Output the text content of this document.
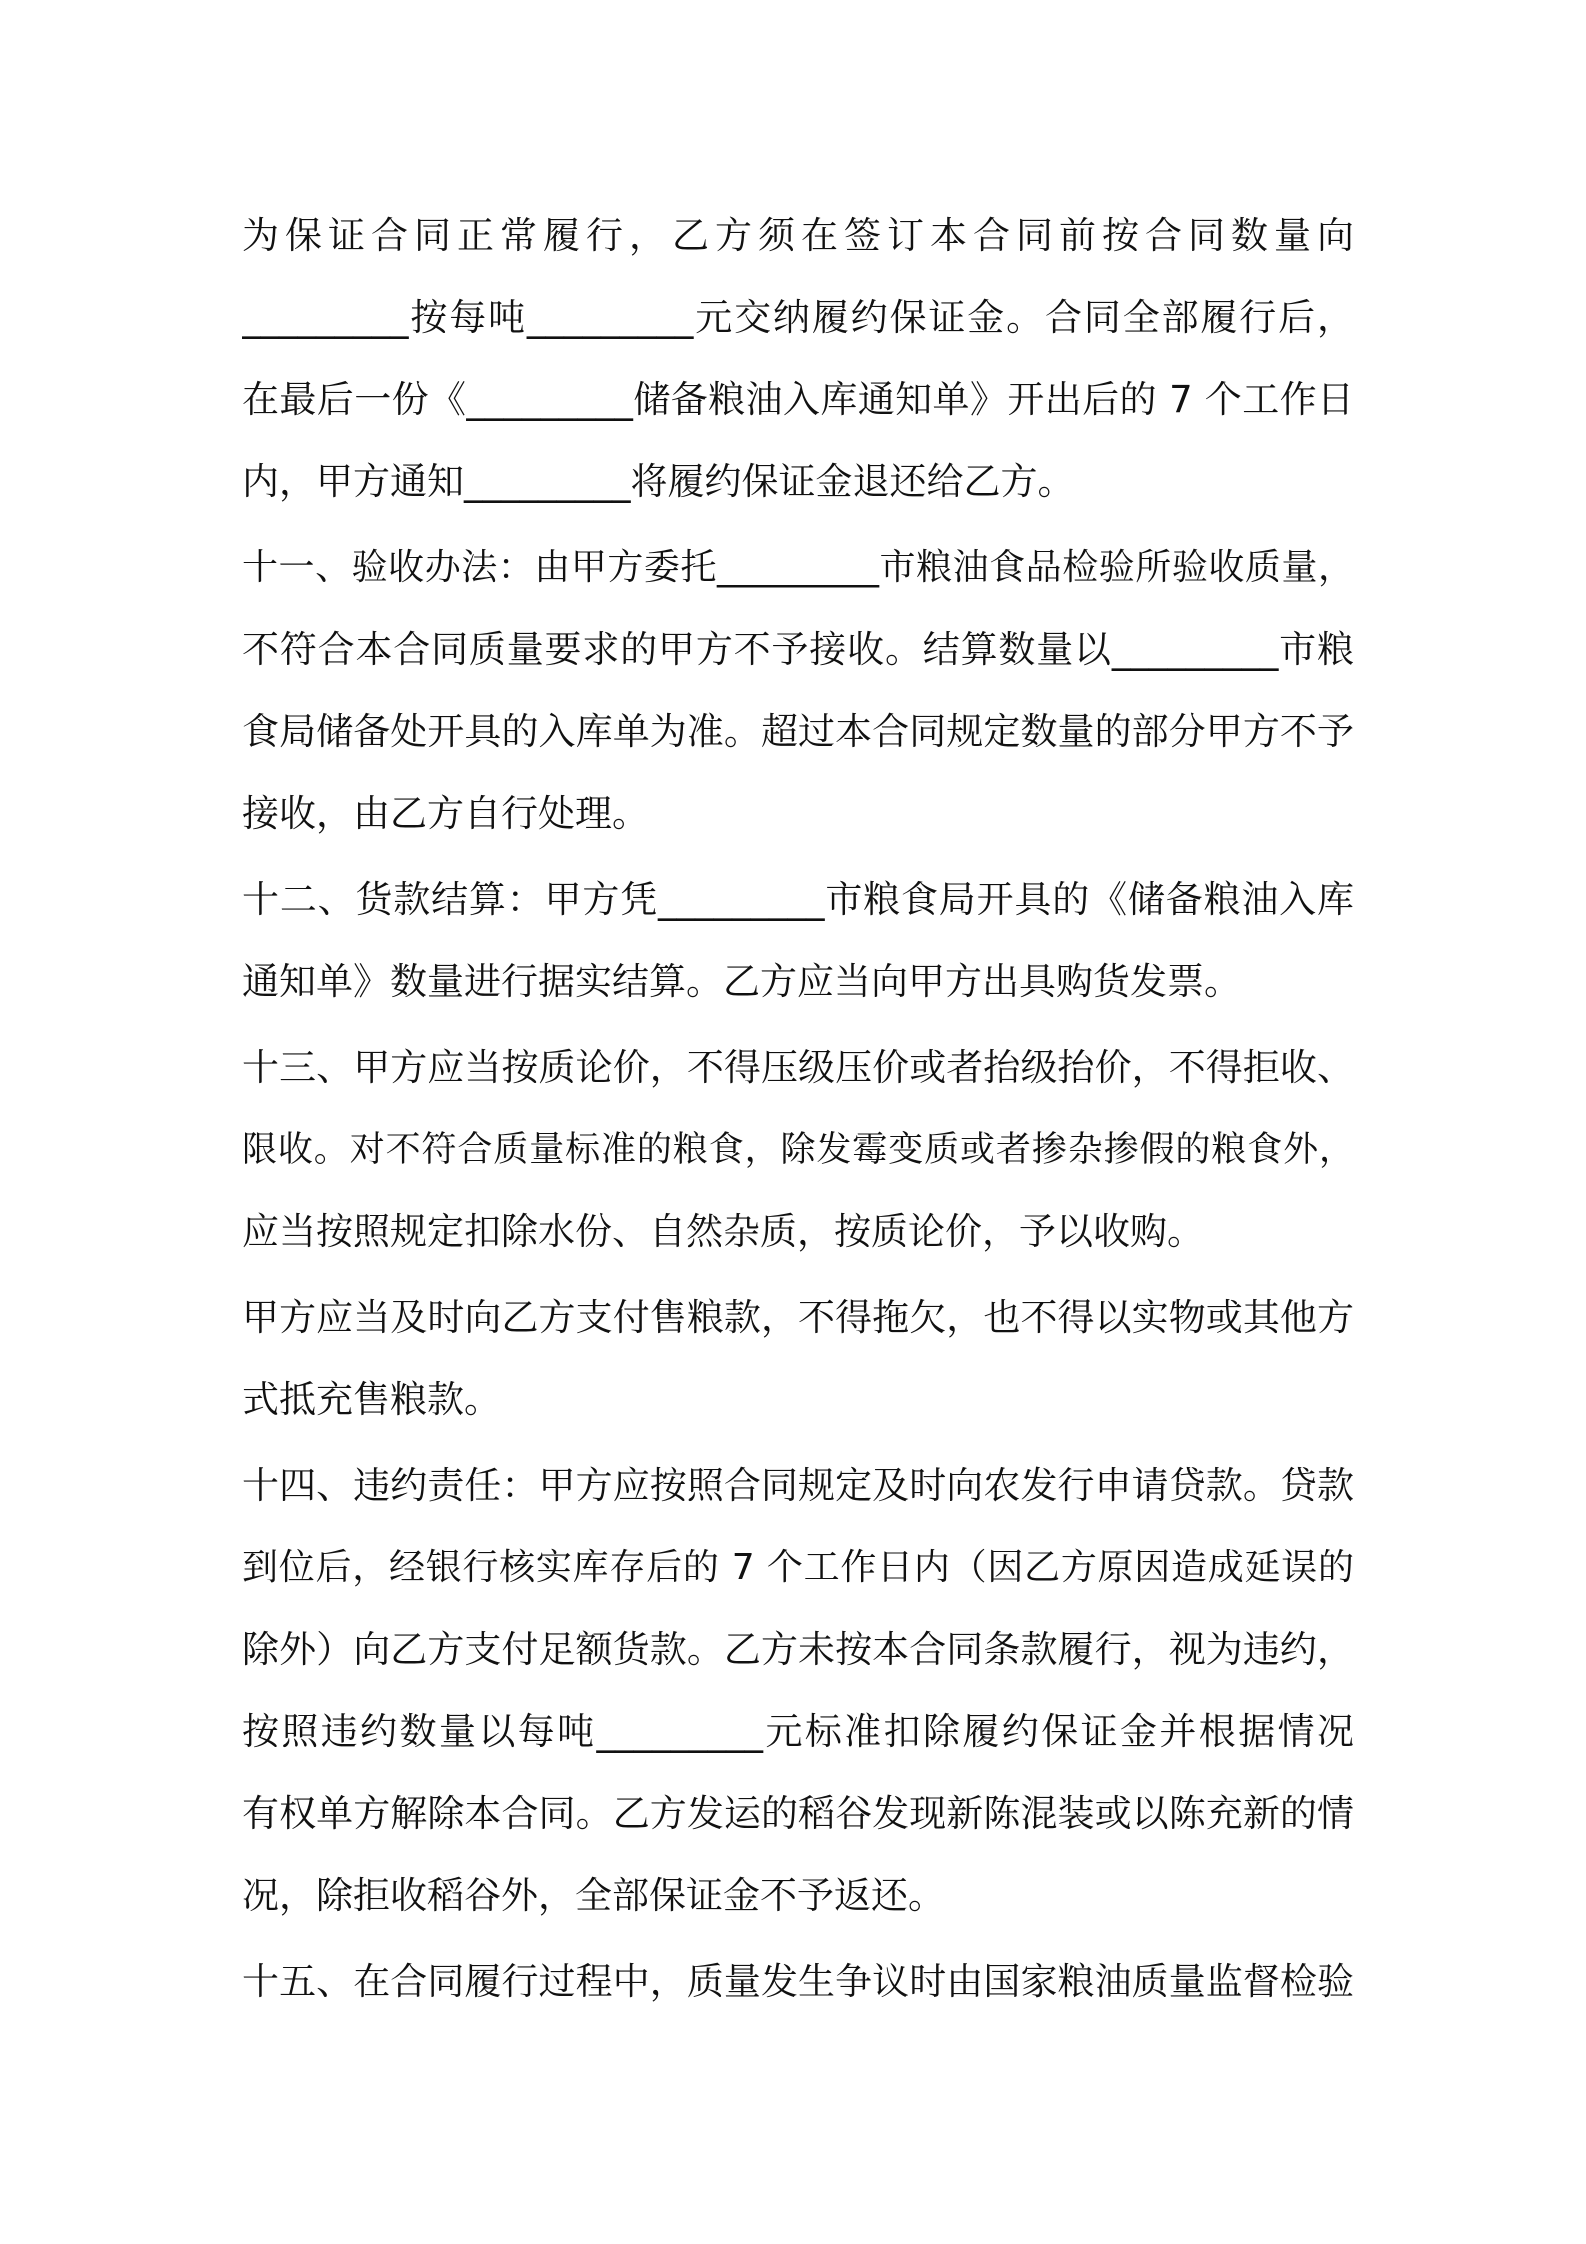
为保证合同正常履行，乙方须在签订本合同前按合同数量向
_________按每吨_________元交纳履约保证金。合同全部履行后，
在最后一份《_________储备粮油入库通知单》开出后的 7 个工作日
内，甲方通知_________将履约保证金退还给乙方。
十一、验收办法：由甲方委托_________市粮油食品检验所验收质量，
不符合本合同质量要求的甲方不予接收。结算数量以_________市粮
食局储备处开具的入库单为准。超过本合同规定数量的部分甲方不予
接收，由乙方自行处理。
十二、货款结算：甲方凭_________市粮食局开具的《储备粮油入库
通知单》数量进行据实结算。乙方应当向甲方出具购货发票。
十三、甲方应当按质论价，不得压级压价或者抬级抬价，不得拒收、
限收。对不符合质量标准的粮食，除发霉变质或者掺杂掺假的粮食外，
应当按照规定扣除水份、自然杂质，按质论价，予以收购。
甲方应当及时向乙方支付售粮款，不得拖欠，也不得以实物或其他方
式抵充售粮款。
十四、违约责任：甲方应按照合同规定及时向农发行申请贷款。贷款
到位后，经银行核实库存后的 7 个工作日内（因乙方原因造成延误的
除外）向乙方支付足额货款。乙方未按本合同条款履行，视为违约，
按照违约数量以每吨_________元标准扣除履约保证金并根据情况
有权单方解除本合同。乙方发运的稻谷发现新陈混装或以陈充新的情
况，除拒收稻谷外，全部保证金不予返还。
十五、在合同履行过程中，质量发生争议时由国家粮油质量监督检验
